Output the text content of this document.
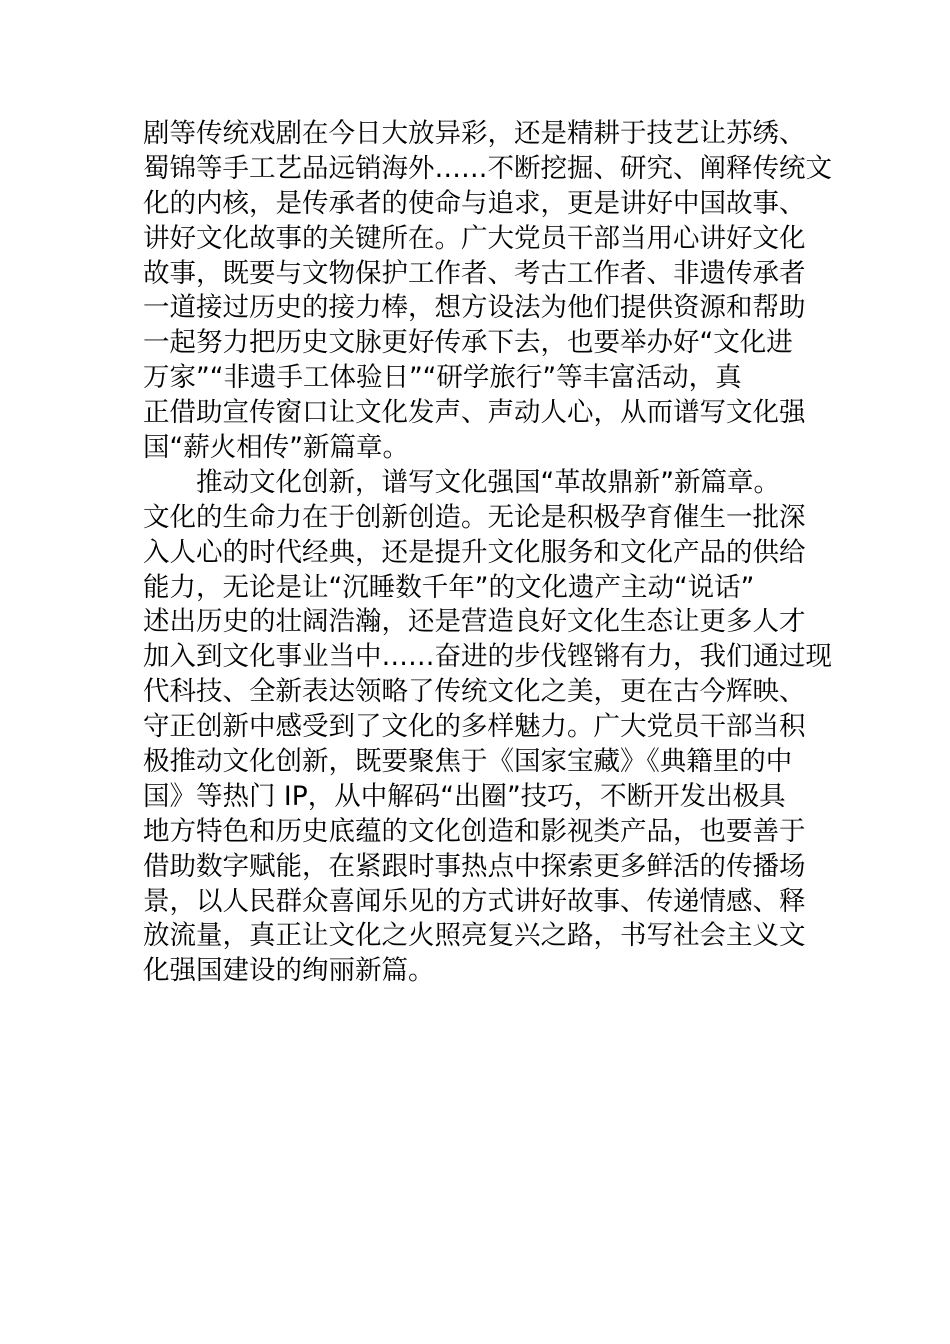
剧等传统戏剧在今日大放异彩，还是精耕于技艺让苏绣、
蜀锦等手工艺品远销海外……不断挖掘、研究、阐释传统文
化的内核，是传承者的使命与追求，更是讲好中国故事、
讲好文化故事的关键所在。广大党员干部当用心讲好文化
故事，既要与文物保护工作者、考古工作者、非遗传承者
一道接过历史的接力棒，想方设法为他们提供资源和帮助
一起努力把历史文脉更好传承下去，也要举办好“文化进
万家”“非遗手工体验日”“研学旅行”等丰富活动，真
正借助宣传窗口让文化发声、声动人心，从而谱写文化强
国“薪火相传”新篇章。
推动文化创新，谱写文化强国“革故鼎新”新篇章。
文化的生命力在于创新创造。无论是积极孕育催生一批深
入人心的时代经典，还是提升文化服务和文化产品的供给
能力，无论是让“沉睡数千年”的文化遗产主动“说话”
述出历史的壮阔浩瀚，还是营造良好文化生态让更多人才
加入到文化事业当中……奋进的步伐铿锵有力，我们通过现
代科技、全新表达领略了传统文化之美，更在古今辉映、
守正创新中感受到了文化的多样魅力。广大党员干部当积
极推动文化创新，既要聚焦于《国家宝藏》《典籍里的中
国》等热门 IP，从中解码“出圈”技巧，不断开发出极具
地方特色和历史底蕴的文化创造和影视类产品，也要善于
借助数字赋能，在紧跟时事热点中探索更多鲜活的传播场
景，以人民群众喜闻乐见的方式讲好故事、传递情感、释
放流量，真正让文化之火照亮复兴之路，书写社会主义文
化强国建设的绚丽新篇。
